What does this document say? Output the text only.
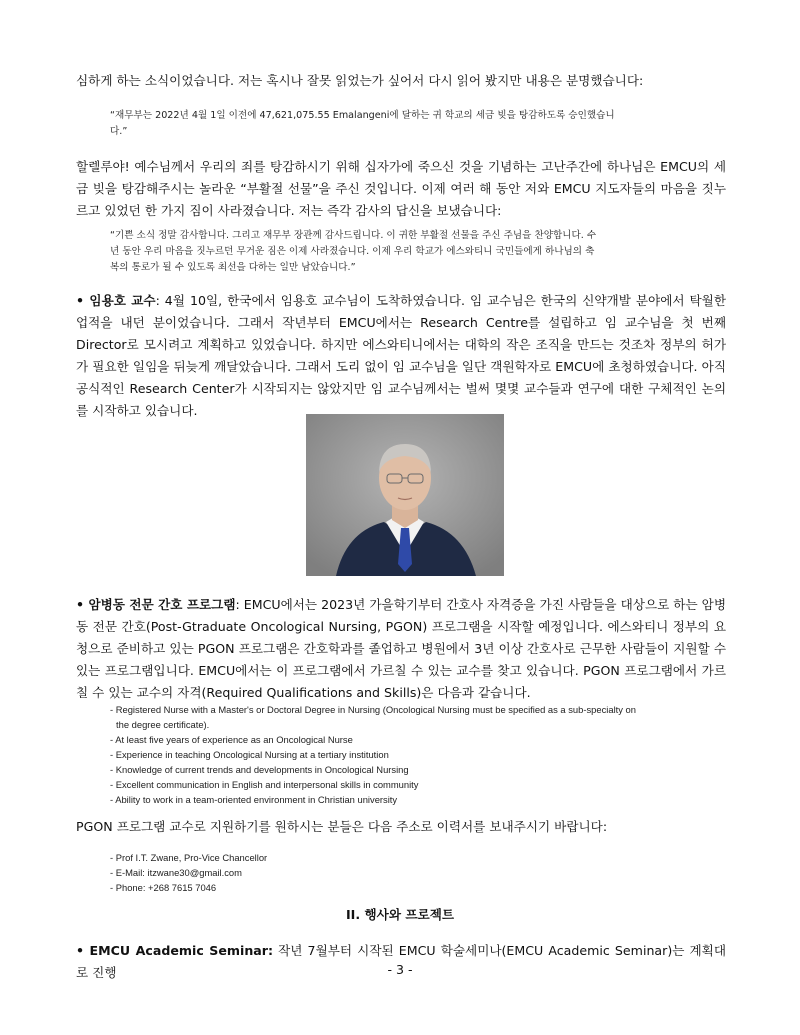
심하게 하는 소식이었습니다. 저는 혹시나 잘못 읽었는가 싶어서 다시 읽어 봤지만 내용은 분명했습니다:

“재무부는 2022년 4월 1일 이전에 47,621,075.55 Emalangeni에 달하는 귀 학교의 세금 빚을 탕감하도록 승인했습니
다.”

할렐루야! 예수님께서 우리의 죄를 탕감하시기 위해 십자가에 죽으신 것을 기념하는 고난주간에 하나님은 EMCU의 세금 빚을 탕감해주시는 놀라운 “부활절 선물”을 주신 것입니다. 이제 여러 해 동안 저와 EMCU 지도자들의 마음을 짓누르고 있었던 한 가지 짐이 사라졌습니다. 저는 즉각 감사의 답신을 보냈습니다:

“기쁜 소식 정말 감사합니다. 그리고 재무부 장관께 감사드립니다. 이 귀한 부활절 선물을 주신 주님을 찬양합니다. 수
년 동안 우리 마음을 짓누르던 무거운 짐은 이제 사라졌습니다. 이제 우리 학교가 에스와티니 국민들에게 하나님의 축
복의 통로가 될 수 있도록 최선을 다하는 일만 남았습니다.”

• 임용호 교수: 4월 10일, 한국에서 임용호 교수님이 도착하였습니다. 임 교수님은 한국의 신약개발 분야에서 탁월한 업적을 내던 분이었습니다. 그래서 작년부터 EMCU에서는 Research Centre를 설립하고 임 교수님을 첫 번째 Director로 모시려고 계획하고 있었습니다. 하지만 에스와티니에서는 대학의 작은 조직을 만드는 것조차 정부의 허가가 필요한 일임을 뒤늦게 깨달았습니다. 그래서 도리 없이 임 교수님을 일단 객원학자로 EMCU에 초청하였습니다. 아직 공식적인 Research Center가 시작되지는 않았지만 임 교수님께서는 벌써 몇몇 교수들과 연구에 대한 구체적인 논의를 시작하고 있습니다.

• 암병동 전문 간호 프로그램: EMCU에서는 2023년 가을학기부터 간호사 자격증을 가진 사람들을 대상으로 하는 암병동 전문 간호(Post-Gtraduate Oncological Nursing, PGON) 프로그램을 시작할 예정입니다. 에스와티니 정부의 요청으로 준비하고 있는 PGON 프로그램은 간호학과를 졸업하고 병원에서 3년 이상 간호사로 근무한 사람들이 지원할 수 있는 프로그램입니다. EMCU에서는 이 프로그램에서 가르칠 수 있는 교수를 찾고 있습니다. PGON 프로그램에서 가르칠 수 있는 교수의 자격(Required Qualifications and Skills)은 다음과 같습니다.

- Registered Nurse with a Master's or Doctoral Degree in Nursing (Oncological Nursing must be specified as a sub-specialty on
the degree certificate).
- At least five years of experience as an Oncological Nurse
- Experience in teaching Oncological Nursing at a tertiary institution
- Knowledge of current trends and developments in Oncological Nursing
- Excellent communication in English and interpersonal skills in community
- Ability to work in a team-oriented environment in Christian university

PGON 프로그램 교수로 지원하기를 원하시는 분들은 다음 주소로 이력서를 보내주시기 바랍니다:

- Prof I.T. Zwane, Pro-Vice Chancellor
- E-Mail: itzwane30@gmail.com
- Phone: +268 7615 7046

II. 행사와 프로젝트

• EMCU Academic Seminar: 작년 7월부터 시작된 EMCU 학술세미나(EMCU Academic Seminar)는 계획대로 진행	- 3 -
